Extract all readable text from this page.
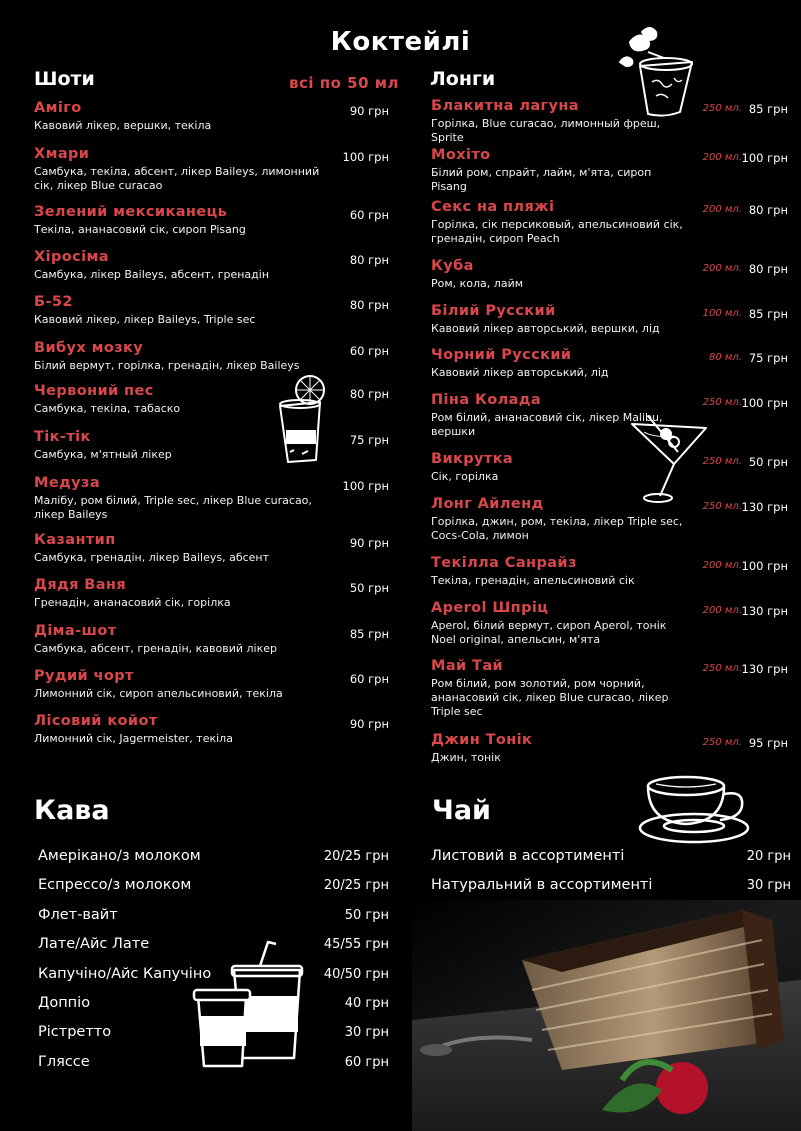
Коктейлі
Шоти	всі по 50 мл
Аміго
Кавовий лікер, вершки, текіла
90 грн
Хмари
Самбука, текіла, абсент, лікер Baileys, лимонний сік, лікер Blue curacao
100 грн
Зелений мексиканець
Текіла, ананасовий сік, сироп Pisang
60 грн
Хіросіма
Самбука, лікер Baileys, абсент, гренадін
80 грн
Б-52
Кавовий лікер, лікер Baileys, Triple sec
80 грн
Вибух мозку
Білий вермут, горілка, гренадін, лікер Baileys
60 грн
Червоний пес
Самбука, текіла, табаско
80 грн
Тік-тік
Самбука, м'ятный лікер
75 грн
Медуза
Малібу, ром білий, Triple sec, лікер Blue curacao, лікер Baileys
100 грн
Казантип
Самбука, гренадін, лікер Baileys, абсент
90 грн
Дядя Ваня
Гренадін, ананасовий сік, горілка
50 грн
Діма-шот
Самбука, абсент, гренадін, кавовий лікер
85 грн
Рудий чорт
Лимонний сік, сироп апельсиновий, текіла
60 грн
Лісовий койот
Лимонний сік, Jagermeister, текіла
90 грн
Лонги
Блакитна лагуна
Горілка, Blue curacao, лимонный фреш, Sprite
250 мл. 85 грн
Мохіто
Білий ром, спрайт, лайм, м'ята, сироп Pisang
200 мл. 100 грн
Секс на пляжі
Горілка, сік персиковый, апельсиновий сік, гренадін, сироп Peach
200 мл. 80 грн
Куба
Ром, кола, лайм
200 мл. 80 грн
Білий Русский
Кавовий лікер авторський, вершки, лід
100 мл. 85 грн
Чорний Русский
Кавовий лікер авторський, лід
80 мл. 75 грн
Піна Колада
Ром білий, ананасовий сік, лікер Malibu, вершки
250 мл. 100 грн
Викрутка
Сік, горілка
250 мл. 50 грн
Лонг Айленд
Горілка, джин, ром, текіла, лікер Triple sec, Cocs-Cola, лимон
250 мл. 130 грн
Текілла Санрайз
Текіла, гренадін, апельсиновий сік
200 мл. 100 грн
Aperol Шпріц
Aperol, білий вермут, сироп Aperol, тонік Noel original, апельсин, м'ята
200 мл. 130 грн
Май Тай
Ром білий, ром золотий, ром чорний, ананасовий сік, лікер Blue curacao, лікер Triple sec
250 мл. 130 грн
Джин Тонік
Джин, тонік
250 мл. 95 грн
Кава
Амерікано/з молоком	20/25 грн
Еспрессо/з молоком	20/25 грн
Флет-вайт	50 грн
Лате/Айс Лате	45/55 грн
Капучіно/Айс Капучіно	40/50 грн
Доппіо	40 грн
Рістретто	30 грн
Гляссе	60 грн
Чай
Листовий в ассортименті	20 грн
Натуральний в ассортименті	30 грн
